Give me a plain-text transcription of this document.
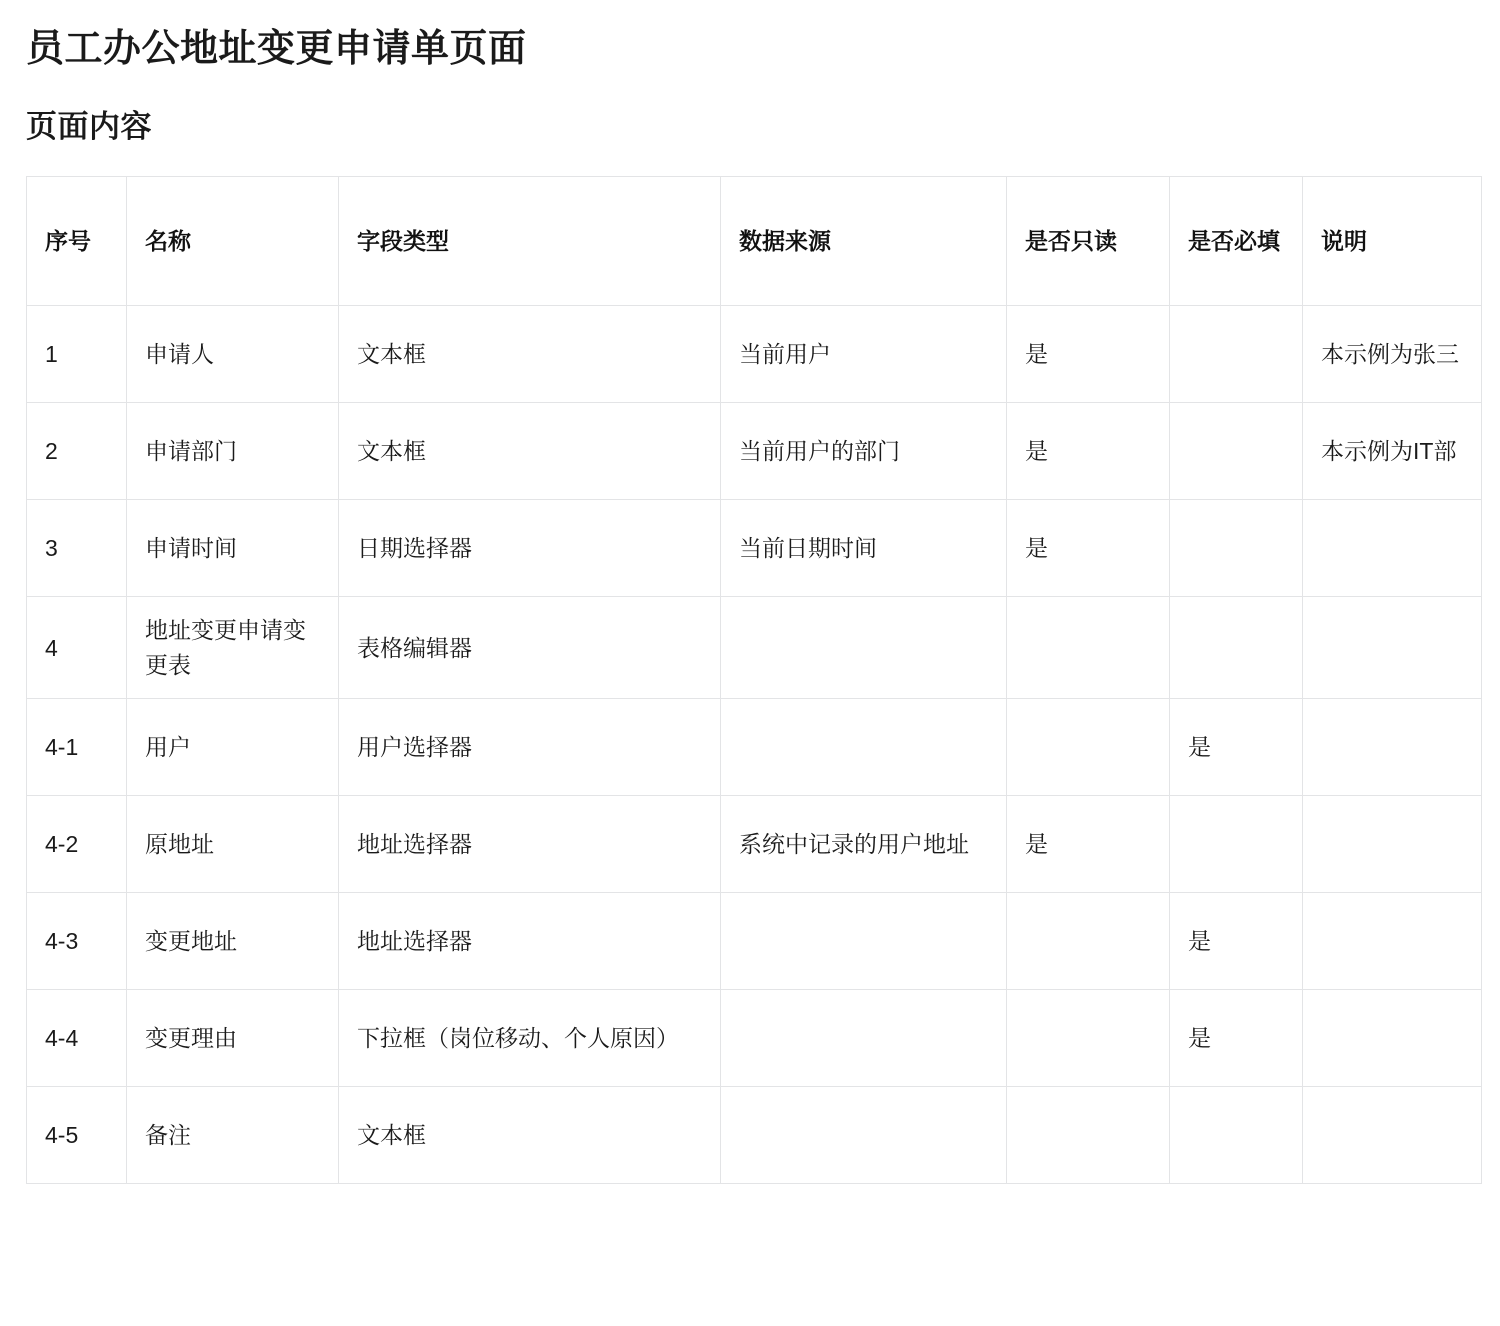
员工办公地址变更申请单页面
页面内容
序号	名称	字段类型	数据来源	是否只读	是否必填	说明
1	申请人	文本框	当前用户	是		本示例为张三
2	申请部门	文本框	当前用户的部门	是		本示例为IT部
3	申请时间	日期选择器	当前日期时间	是		
4	地址变更申请变更表	表格编辑器				
4-1	用户	用户选择器			是	
4-2	原地址	地址选择器	系统中记录的用户地址	是		
4-3	变更地址	地址选择器			是	
4-4	变更理由	下拉框（岗位移动、个人原因）			是	
4-5	备注	文本框				
